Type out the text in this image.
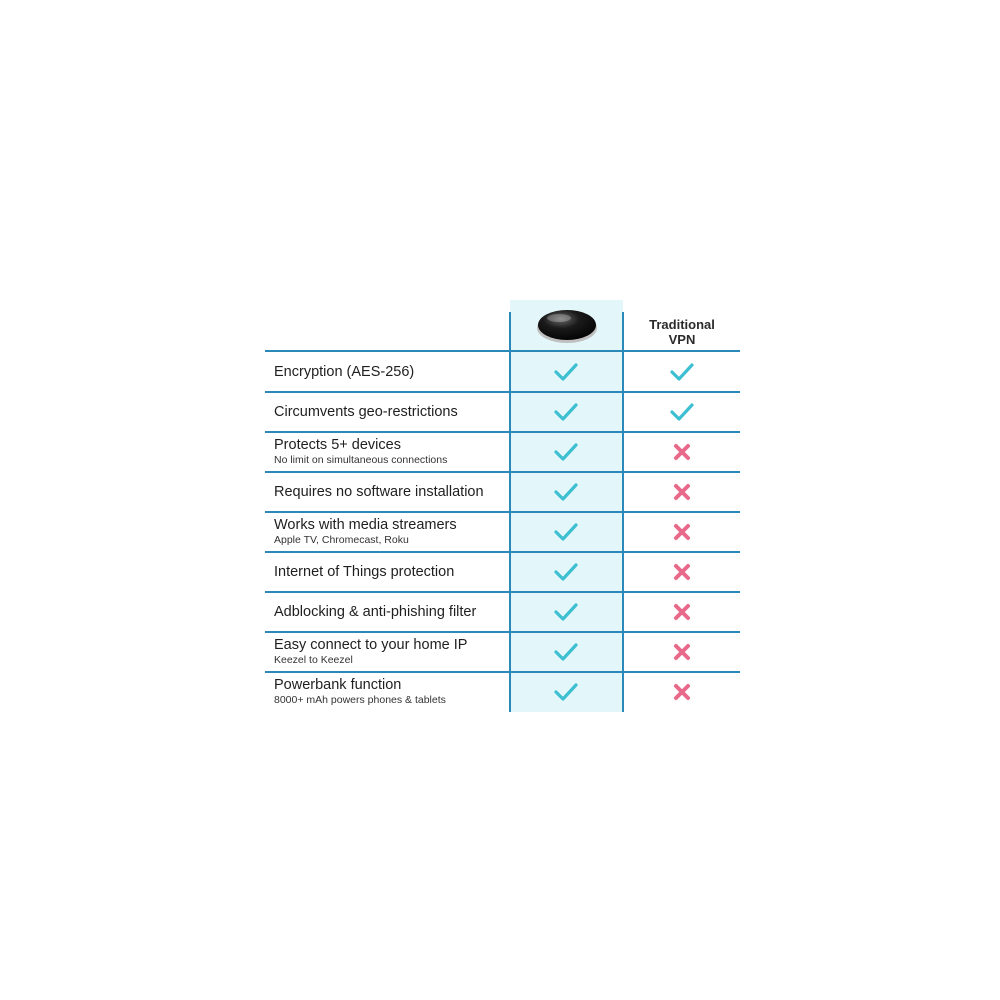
Traditional
VPN
Encryption (AES-256)
Circumvents geo-restrictions
Protects 5+ devices
No limit on simultaneous connections
Requires no software installation
Works with media streamers
Apple TV, Chromecast, Roku
Internet of Things protection
Adblocking & anti-phishing filter
Easy connect to your home IP
Keezel to Keezel
Powerbank function
8000+ mAh powers phones & tablets
